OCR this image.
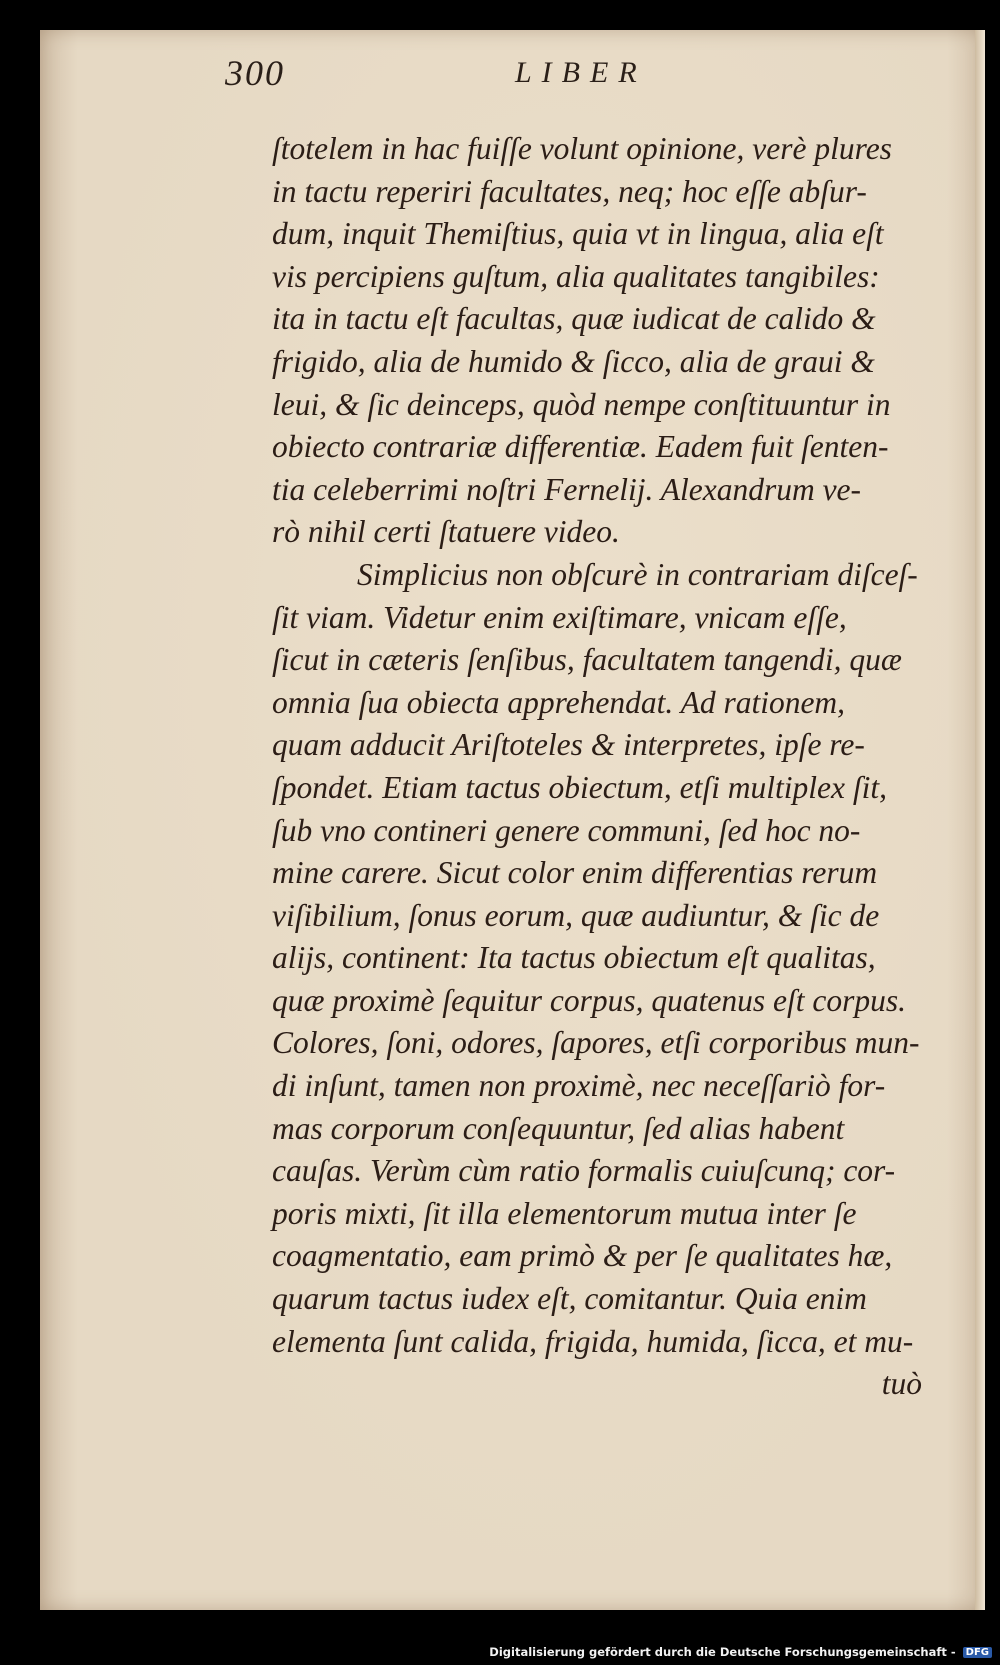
300	LIBER
ſtotelem in hac fuiſſe volunt opinione, verè plures
in tactu reperiri facultates, neq; hoc eſſe abſur-
dum, inquit Themiſtius, quia vt in lingua, alia eſt
vis percipiens guſtum, alia qualitates tangibiles:
ita in tactu eſt facultas, quæ iudicat de calido &
frigido, alia de humido & ſicco, alia de graui &
leui, & ſic deinceps, quòd nempe conſtituuntur in
obiecto contrariæ differentiæ. Eadem fuit ſenten-
tia celeberrimi noſtri Fernelij. Alexandrum ve-
rò nihil certi ſtatuere video.
Simplicius non obſcurè in contrariam diſceſ-
ſit viam. Videtur enim exiſtimare, vnicam eſſe,
ſicut in cæteris ſenſibus, facultatem tangendi, quæ
omnia ſua obiecta apprehendat. Ad rationem,
quam adducit Ariſtoteles & interpretes, ipſe re-
ſpondet. Etiam tactus obiectum, etſi multiplex ſit,
ſub vno contineri genere communi, ſed hoc no-
mine carere. Sicut color enim differentias rerum
viſibilium, ſonus eorum, quæ audiuntur, & ſic de
alijs, continent: Ita tactus obiectum eſt qualitas,
quæ proximè ſequitur corpus, quatenus eſt corpus.
Colores, ſoni, odores, ſapores, etſi corporibus mun-
di inſunt, tamen non proximè, nec neceſſariò for-
mas corporum conſequuntur, ſed alias habent
cauſas. Verùm cùm ratio formalis cuiuſcunq; cor-
poris mixti, ſit illa elementorum mutua inter ſe
coagmentatio, eam primò & per ſe qualitates hæ,
quarum tactus iudex eſt, comitantur. Quia enim
elementa ſunt calida, frigida, humida, ſicca, et mu-
tuò
Digitalisierung gefördert durch die Deutsche Forschungsgemeinschaft - DFG
